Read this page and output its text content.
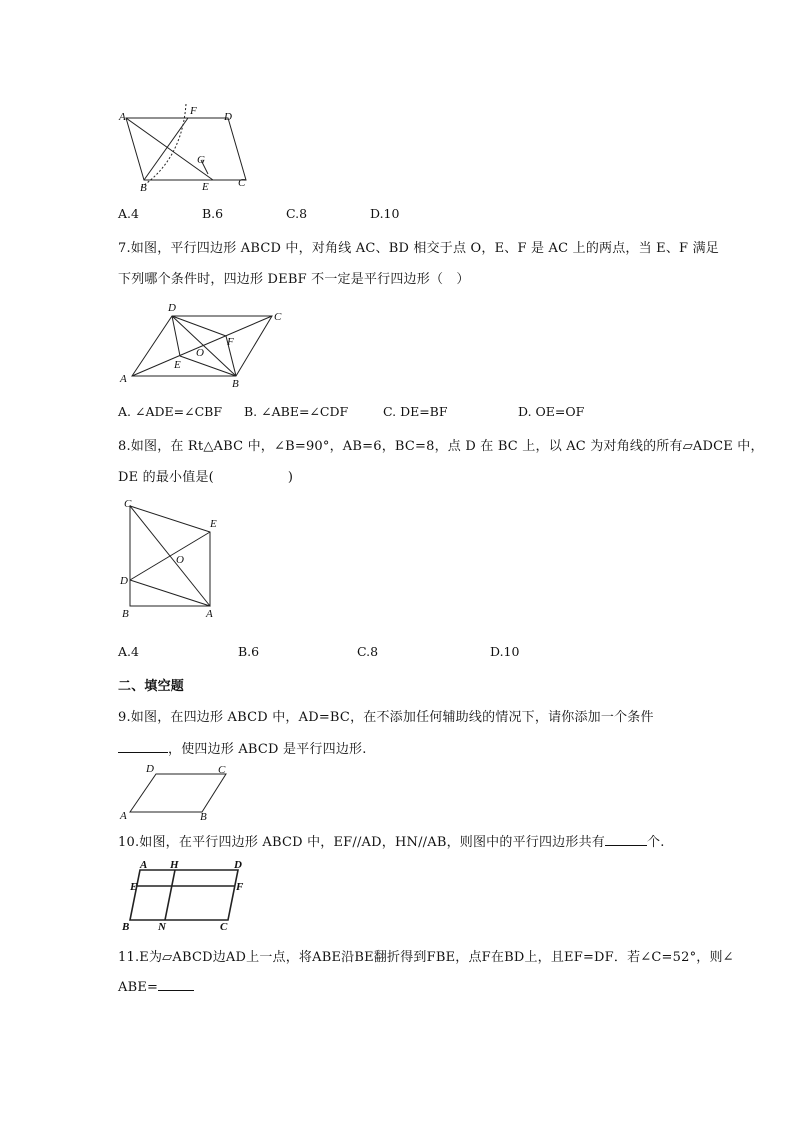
A	F D
G
B	E	C
A.4	B.6	C.8	D.10
7.如图，平行四边形 ABCD 中，对角线 AC、BD 相交于点 O，E、F 是 AC 上的两点，当 E、F 满足
下列哪个条件时，四边形 DEBF 不一定是平行四边形（　）
D
C
F
O
E
A	B
A. ∠ADE=∠CBF B. ∠ABE=∠CDF	C. DE=BF	D. OE=OF
8.如图，在 Rt△ABC 中，∠B=90°，AB=6，BC=8，点 D 在 BC 上，以 AC 为对角线的所有▱ADCE 中，
DE 的最小值是(	)
C
E
O
D
B	A
A.4	B.6	C.8	D.10
二、填空题
9.如图，在四边形 ABCD 中，AD=BC，在不添加任何辅助线的情况下，请你添加一个条件
，使四边形 ABCD 是平行四边形.
D	C
A	B
10.如图，在平行四边形 ABCD 中，EF//AD，HN//AB，则图中的平行四边形共有	个.
A H	D
E	F
B	N	C
11.E为▱ABCD边AD上一点，将ABE沿BE翻折得到FBE，点F在BD上，且EF=DF．若∠C=52°，则∠
ABE=
